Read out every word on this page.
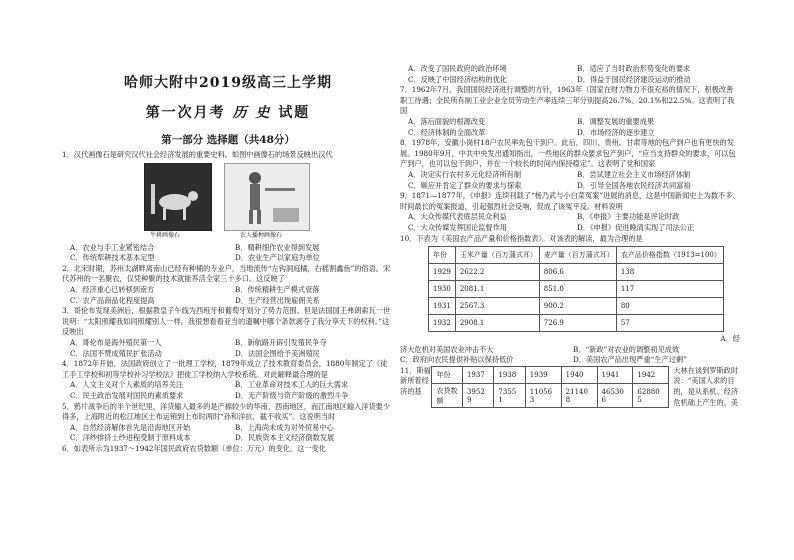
哈师大附中2019级高三上学期
第一次月考 历 史 试题
第一部分 选择题（共48分）

1．汉代画像石是研究汉代社会经济发展的重要史料。如图中画像石的场景反映出汉代

牛耕画像石	农人播种画像石
A．农业与手工业紧密结合	B．精耕细作农业得到发展
C．传统犁耕技术基本定型	D．农业生产以家庭为单位

2．北宋时期，苏州太湖畔离南山已经有种桶的专业户，当地流传“左钩洞庭橘，右摇割鑫鱼”的俗语。宋代苏州的一名聚农，仅凭种聚的技术就能养活全家三十多口。这反映了

A．经济重心已转移到南方	B．传统精耕生产模式衰落
C．农产品商品化程度提高	D．生产经营出现雇佣关系

3．哥伦布发现美洲后，根据教皇子午线为西班牙和葡萄牙划分了势力范围。但是法国国王弗朗索瓦一世说明：“太阳照耀我如同照耀别人一样，我很想看看亚当的遗嘱中哪个条款剥夺了我分享天下的权利。”这反映出

A．哥伦布是海外殖民第一人	B．新航路开辟引发殖民争夺
C．法国不赞成殖民扩张活动	D．法国企图给予美洲殖民

4．1872年开始，法国政府创立了一批理工学校，1879年成立了技术教育委员会，1880年制定了《徒工手工学校和初等学校补习学校法》把徒工学校纳入学校系统。对此解释最合理的是

A．人文主义对个人素质的培养关注	B．工业革命对技术工人的巨大需求
C．民主政治发展对国民的素质要求	D．无产阶级与资产阶级的激烈斗争

5．鸦片战争后的半个世纪里，洋货输入最多的是产棉较少的华南、西南地区，而江南地区输入洋货要少得多，上海附近的松江地区土布运销到上布时两时“孙和洋抗，截不收买”。这说明当时

A．自然经济解体首先是沿海地区开始	B．上海尚未成为对外贸易中心
C．洋纱排挤土纱进程受制于原料成本	D．民族资本主义经济倒数发展

6．如表所示为1937～1942年国民政府农贷数额（单位：万元）的变化。这一变化

A．改变了国民政府的政治环境	B．适应了当时政治形势变化的要求
C．反映了中国经济结构的优化	D．得益于国民经济建设运动的推动

7．1962年7月，我国国民经济进行调整的方针，1963年（国家在财力物力不很充裕的情况下，积极改善职工待遇；全民所有制工业企业全员劳动生产率连续三年分别提高26.7%、20.1%和22.5%。这表明了我国

A．落后面貌的根源改变	B．调整发展的重要成果
C．经济体制的全面改革	D．市场经济的逐步建立

8．1978年，安徽小岗村18户农民率先包干到户。此后，四川、贵州、甘肃等地的包产到户也有更快的发展。1980年9月，中共中央发出通知指出，一些地区的群众要求包产到户，“应当支持群众的要求，可以包产到户，也可以包干到户，并在一个较长的时间内保持稳定”。这表明了党和国家

A．决定实行农村多元化经济所有制	B．尝试建立社会主义市场经济体制
C．顺应并肯定了群众的要求与探索	D．引导全国各地农民经济共同富裕

9．1871—1877年，《申报》连续刊载了“杨乃武与小白菜冤案”进展的消息，这是中国新闻史上为数不多、时间最长的冤案报道，引起强烈社会反响，促成了该冤平反。材料说明

A．大众传媒代表底层民众利益	B．《申报》主要功能是评论时政
C．大众传媒发挥国论监督作用	D．《申报》促进晚清实现了司法公正

10．下表为《美国农产品产量和价格指数表》。对该表的解读，最为合理的是

年份	玉米产量（百万蒲式耳）	麦产量（百万蒲式耳）	农产品价格指数（1913=100）
1929	2622.2	806.6	138
1930	2081.1	851.0	117
1931	2567.3	900.2	80
1932	2908.1	726.9	57
A．经
济大危机对美国农业冲击不大	B．“新政”对农业的调整初见成效
C．政府向农民提供补贴以保持低价	D．美国农产品出现严重“生产过剩”
11．斯福新所着经济的基
年份	1937	1938	1939	1940	1941	1942
农贷数额	3952 9	7355 1	11056 3	21140 8	46530 6	62880 5
大林在谈到罗斯政时说：“美国人求的目的，是从系机、经济危机础上产生的。美
